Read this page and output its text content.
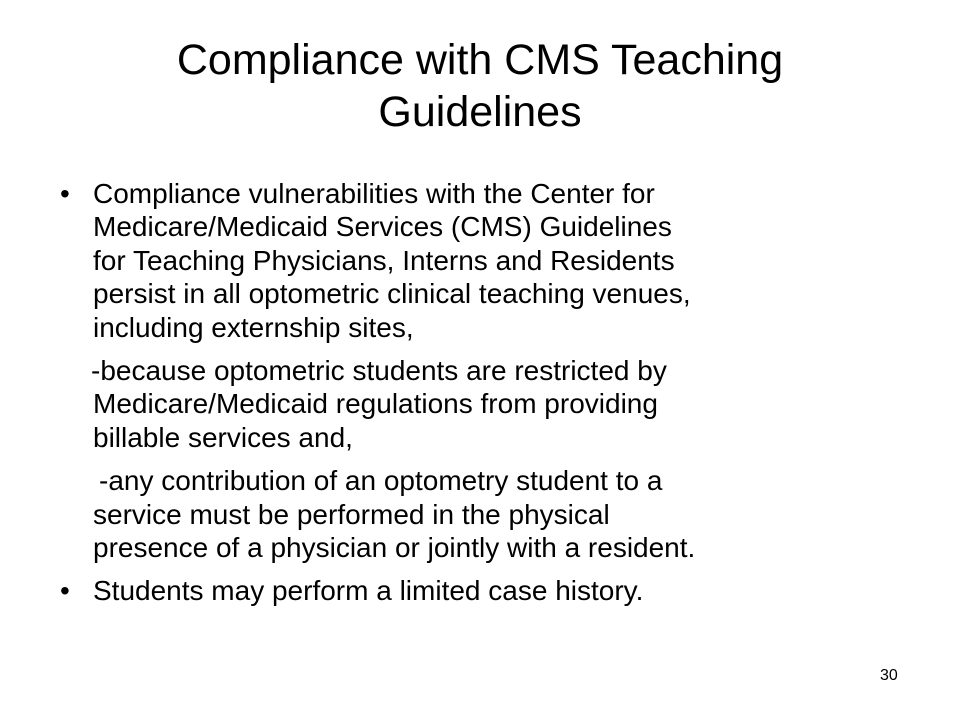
Compliance with CMS Teaching
Guidelines
• Compliance vulnerabilities with the Center for
Medicare/Medicaid Services (CMS) Guidelines
for Teaching Physicians, Interns and Residents
persist in all optometric clinical teaching venues,
including externship sites,
-because optometric students are restricted by
Medicare/Medicaid regulations from providing
billable services and,
-any contribution of an optometry student to a
service must be performed in the physical
presence of a physician or jointly with a resident.
• Students may perform a limited case history.
30
